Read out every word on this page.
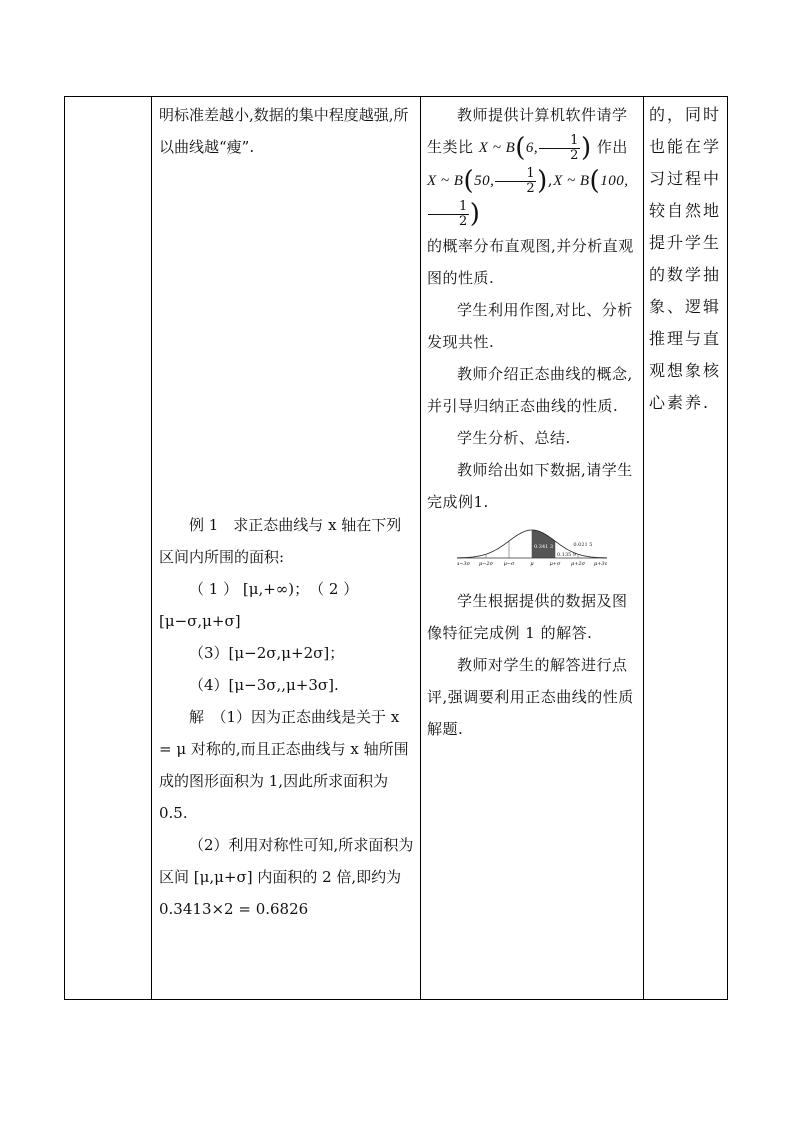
明标准差越小,数据的集中程度越强,所以曲线越“瘦”.

例 1　求正态曲线与 x 轴在下列区间内所围的面积:

（ 1 ） [μ,+∞)；　（ 2 ） [μ−σ,μ+σ]

（3）[μ−2σ,μ+2σ]；

（4）[μ−3σ,,μ+3σ].

解　（1）因为正态曲线是关于 x = μ 对称的,而且正态曲线与 x 轴所围成的图形面积为 1,因此所求面积为 0.5.

（2）利用对称性可知,所求面积为区间 [μ,μ+σ] 内面积的 2 倍,即约为 0.3413×2 = 0.6826

教师提供计算机软件请学生类比 X ~ B(6, $\frac{1}{2}$ ) 作出
X ~ B(50, $\frac{1}{2} ),X$ ~ B(100,
$\frac{1}{2}$ )
的概率分布直观图,并分析直观图的性质.

学生利用作图,对比、分析发现共性.

教师介绍正态曲线的概念,并引导归纳正态曲线的性质.

学生分析、总结.

教师给出如下数据,请学生完成例1.

μ−3σ μ−2σ μ−σ	μ	μ+σ μ+2σ μ+3σ
0.341 3
0.135 9
0.021 5

学生根据提供的数据及图像特征完成例 1 的解答.

教师对学生的解答进行点评,强调要利用正态曲线的性质解题.

的，同时也能在学习过程中较自然地提升学生的数学抽象、逻辑推理与直观想象核心素养.
